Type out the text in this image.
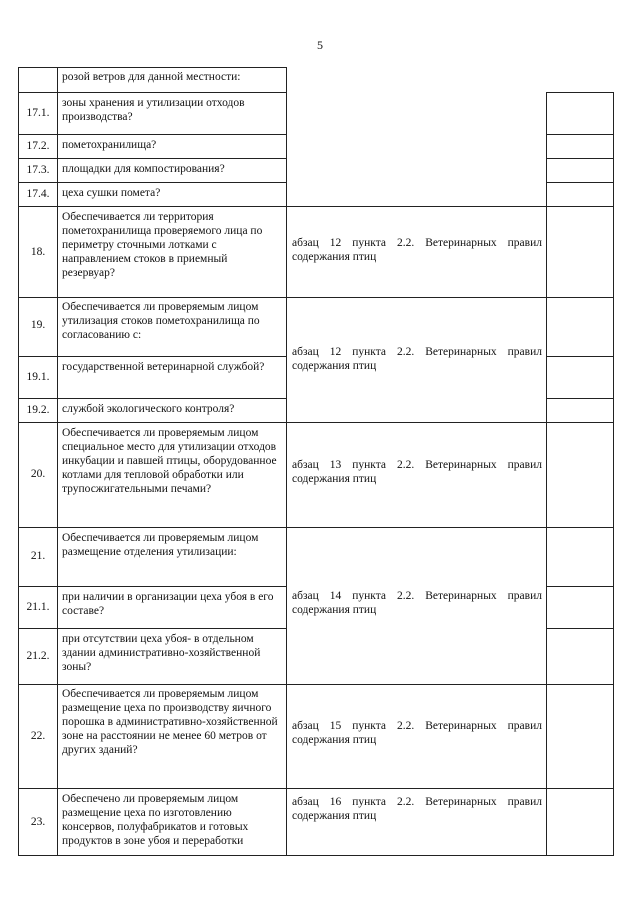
5
17.1.
17.2.
17.3.
17.4.
18.
19.
19.1.
19.2.
20.
21.
21.1.
21.2.
22.
23.
розой ветров для данной местности:
зоны хранения и утилизации отходов производства?
пометохранилища?
площадки для компостирования?
цеха сушки помета?
Обеспечивается ли территория пометохранилища проверяемого лица по периметру сточными лотками с направлением стоков в приемный резервуар?
Обеспечивается ли проверяемым лицом утилизация стоков пометохранилища по согласованию с:
государственной ветеринарной службой?
службой экологического контроля?
Обеспечивается ли проверяемым лицом специальное место для утилизации отходов инкубации и павшей птицы, оборудованное котлами для тепловой обработки или трупосжигательными печами?
Обеспечивается ли проверяемым лицом размещение отделения утилизации:
при наличии в организации цеха убоя в его составе?
при отсутствии цеха убоя- в отдельном здании административно-хозяйственной зоны?
Обеспечивается ли проверяемым лицом размещение цеха по производству яичного порошка в административно-хозяйственной зоне на расстоянии не менее 60 метров от других зданий?
Обеспечено ли проверяемым лицом размещение цеха по изготовлению консервов, полуфабрикатов и готовых продуктов в зоне убоя и переработки
абзац 12 пункта 2.2. Ветеринарных правил содержания птиц
абзац 12 пункта 2.2. Ветеринарных правил содержания птиц
абзац 13 пункта 2.2. Ветеринарных правил содержания птиц
абзац 14 пункта 2.2. Ветеринарных правил содержания птиц
абзац 15 пункта 2.2. Ветеринарных правил содержания птиц
абзац 16 пункта 2.2. Ветеринарных правил содержания птиц
